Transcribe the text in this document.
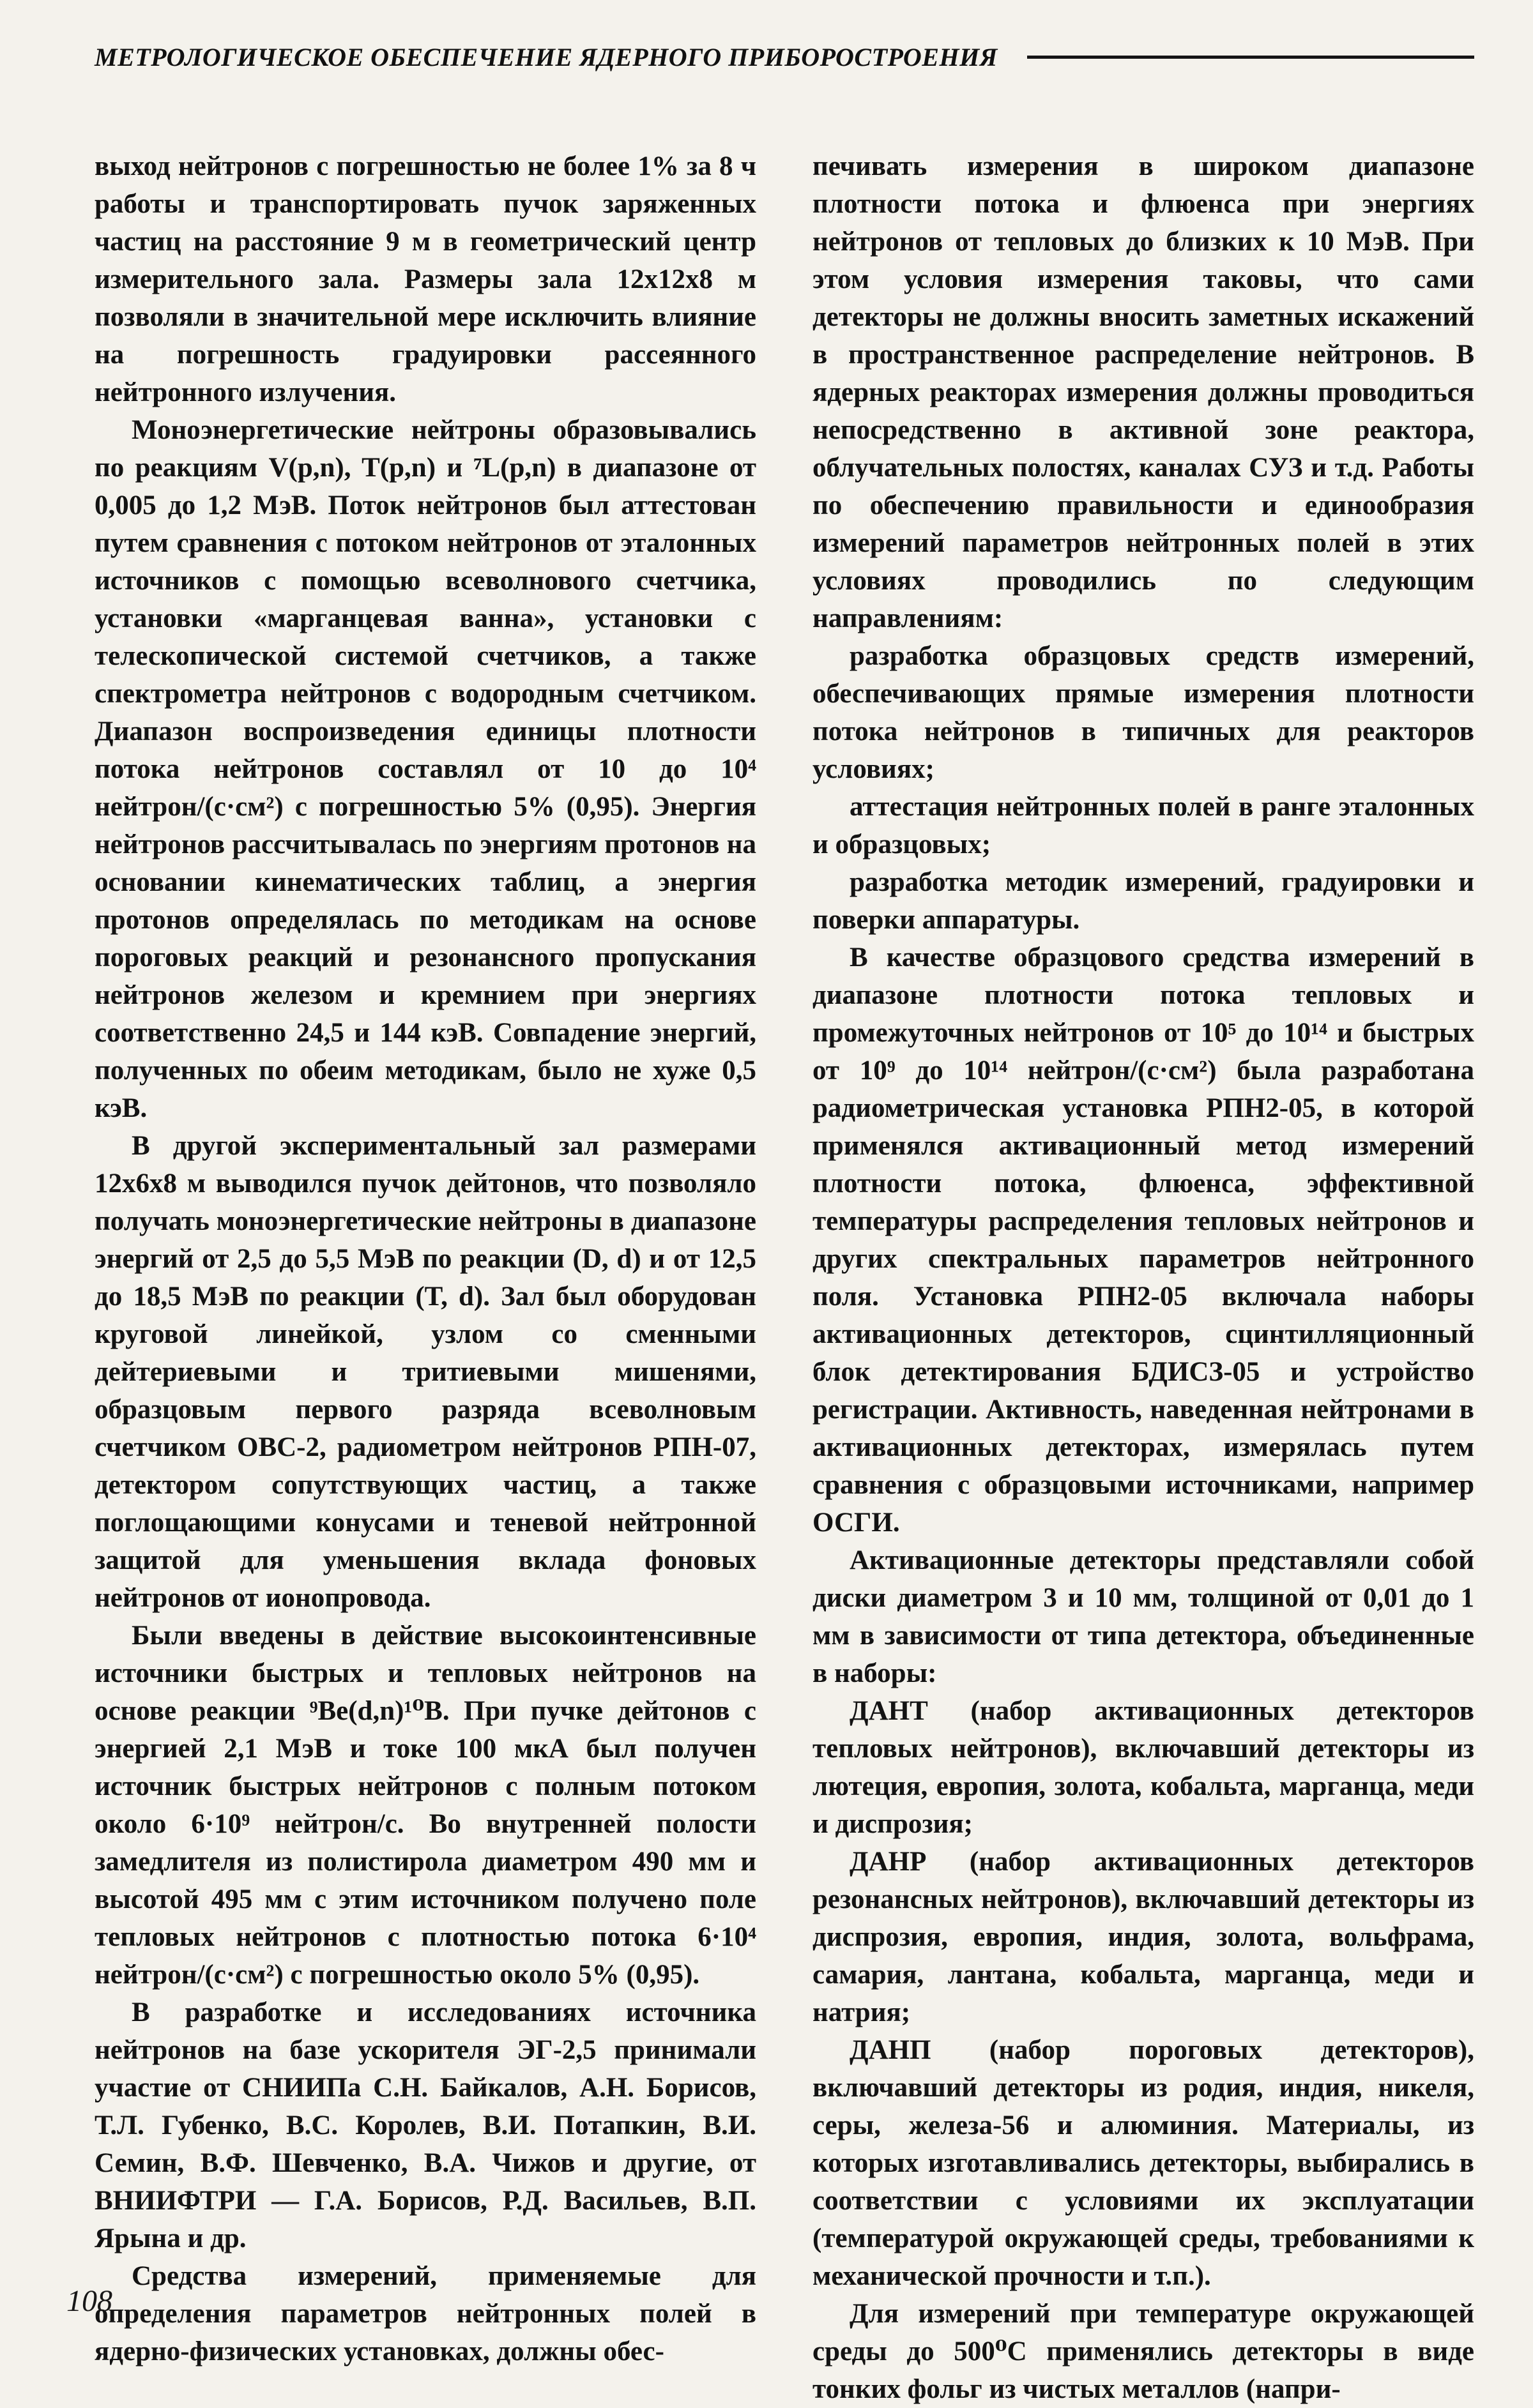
МЕТРОЛОГИЧЕСКОЕ ОБЕСПЕЧЕНИЕ ЯДЕРНОГО ПРИБОРОСТРОЕНИЯ

выход нейтронов с погрешностью не более 1% за 8 ч работы и транспортировать пучок заряженных частиц на расстояние 9 м в геометрический центр измерительного зала. Размеры зала 12x12x8 м позволяли в значительной мере исключить влияние на погрешность градуировки рассеянного нейтронного излучения.

Моноэнергетические нейтроны образовывались по реакциям V(p,n), T(p,n) и ⁷L(p,n) в диапазоне от 0,005 до 1,2 МэВ. Поток нейтронов был аттестован путем сравнения с потоком нейтронов от эталонных источников с помощью всеволнового счетчика, установки «марганцевая ванна», установки с телескопической системой счетчиков, а также спектрометра нейтронов с водородным счетчиком. Диапазон воспроизведения единицы плотности потока нейтронов составлял от 10 до 10⁴ нейтрон/(с·см²) с погрешностью 5% (0,95). Энергия нейтронов рассчитывалась по энергиям протонов на основании кинематических таблиц, а энергия протонов определялась по методикам на основе пороговых реакций и резонансного пропускания нейтронов железом и кремнием при энергиях соответственно 24,5 и 144 кэВ. Совпадение энергий, полученных по обеим методикам, было не хуже 0,5 кэВ.

В другой экспериментальный зал размерами 12x6x8 м выводился пучок дейтонов, что позволяло получать моноэнергетические нейтроны в диапазоне энергий от 2,5 до 5,5 МэВ по реакции (D, d) и от 12,5 до 18,5 МэВ по реакции (T, d). Зал был оборудован круговой линейкой, узлом со сменными дейтериевыми и тритиевыми мишенями, образцовым первого разряда всеволновым счетчиком ОВС-2, радиометром нейтронов РПН-07, детектором сопутствующих частиц, а также поглощающими конусами и теневой нейтронной защитой для уменьшения вклада фоновых нейтронов от ионопровода.

Были введены в действие высокоинтенсивные источники быстрых и тепловых нейтронов на основе реакции ⁹Be(d,n)¹⁰B. При пучке дейтонов с энергией 2,1 МэВ и токе 100 мкА был получен источник быстрых нейтронов с полным потоком около 6·10⁹ нейтрон/с. Во внутренней полости замедлителя из полистирола диаметром 490 мм и высотой 495 мм с этим источником получено поле тепловых нейтронов с плотностью потока 6·10⁴ нейтрон/(с·см²) с погрешностью около 5% (0,95).

В разработке и исследованиях источника нейтронов на базе ускорителя ЭГ-2,5 принимали участие от СНИИПа С.Н. Байкалов, А.Н. Борисов, Т.Л. Губенко, В.С. Королев, В.И. Потапкин, В.И. Семин, В.Ф. Шевченко, В.А. Чижов и другие, от ВНИИФТРИ — Г.А. Борисов, Р.Д. Васильев, В.П. Ярына и др.

Средства измерений, применяемые для определения параметров нейтронных полей в ядерно-физических установках, должны обес-

печивать измерения в широком диапазоне плотности потока и флюенса при энергиях нейтронов от тепловых до близких к 10 МэВ. При этом условия измерения таковы, что сами детекторы не должны вносить заметных искажений в пространственное распределение нейтронов. В ядерных реакторах измерения должны проводиться непосредственно в активной зоне реактора, облучательных полостях, каналах СУЗ и т.д. Работы по обеспечению правильности и единообразия измерений параметров нейтронных полей в этих условиях проводились по следующим направлениям:

разработка образцовых средств измерений, обеспечивающих прямые измерения плотности потока нейтронов в типичных для реакторов условиях;

аттестация нейтронных полей в ранге эталонных и образцовых;

разработка методик измерений, градуировки и поверки аппаратуры.

В качестве образцового средства измерений в диапазоне плотности потока тепловых и промежуточных нейтронов от 10⁵ до 10¹⁴ и быстрых от 10⁹ до 10¹⁴ нейтрон/(с·см²) была разработана радиометрическая установка РПН2-05, в которой применялся активационный метод измерений плотности потока, флюенса, эффективной температуры распределения тепловых нейтронов и других спектральных параметров нейтронного поля. Установка РПН2-05 включала наборы активационных детекторов, сцинтилляционный блок детектирования БДИСЗ-05 и устройство регистрации. Активность, наведенная нейтронами в активационных детекторах, измерялась путем сравнения с образцовыми источниками, например ОСГИ.

Активационные детекторы представляли собой диски диаметром 3 и 10 мм, толщиной от 0,01 до 1 мм в зависимости от типа детектора, объединенные в наборы:

ДАНТ (набор активационных детекторов тепловых нейтронов), включавший детекторы из лютеция, европия, золота, кобальта, марганца, меди и диспрозия;

ДАНР (набор активационных детекторов резонансных нейтронов), включавший детекторы из диспрозия, европия, индия, золота, вольфрама, самария, лантана, кобальта, марганца, меди и натрия;

ДАНП (набор пороговых детекторов), включавший детекторы из родия, индия, никеля, серы, железа-56 и алюминия. Материалы, из которых изготавливались детекторы, выбирались в соответствии с условиями их эксплуатации (температурой окружающей среды, требованиями к механической прочности и т.п.).

Для измерений при температуре окружающей среды до 500⁰С применялись детекторы в виде тонких фольг из чистых металлов (напри-

108
